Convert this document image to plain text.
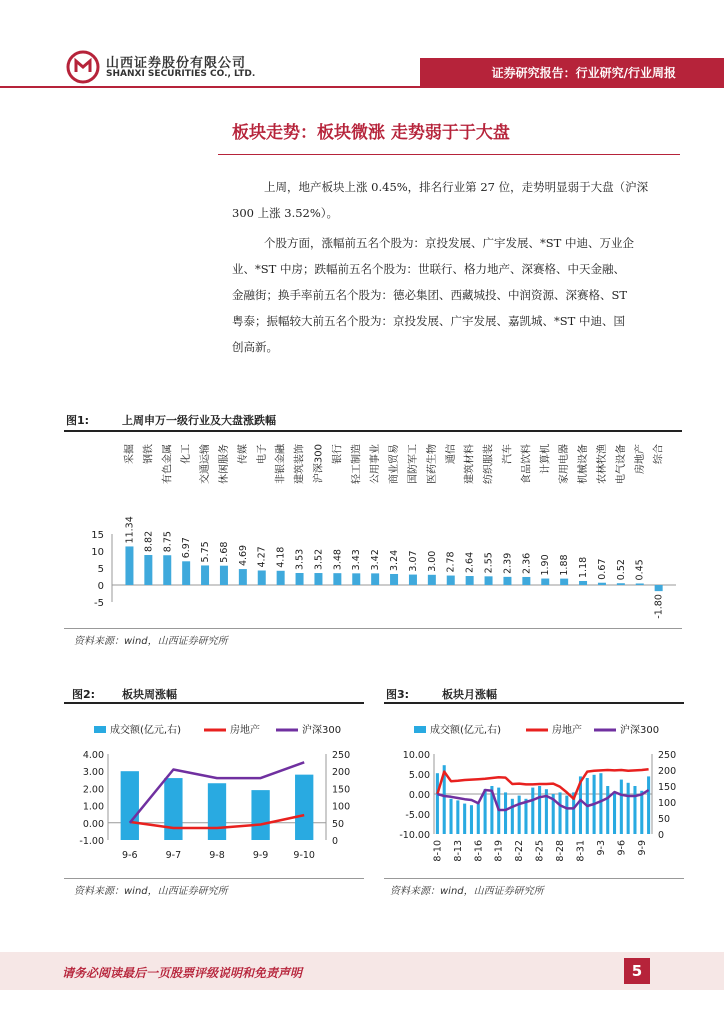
山西证券股份有限公司
SHANXI SECURITIES CO., LTD.	证券研究报告：行业研究/行业周报
板块走势：板块微涨 走势弱于于大盘
上周，地产板块上涨 0.45%，排名行业第 27 位，走势明显弱于大盘（沪深
300 上涨 3.52%）。
个股方面，涨幅前五名个股为：京投发展、广宇发展、*ST 中迪、万业企
业、*ST 中房；跌幅前五名个股为：世联行、格力地产、深赛格、中天金融、
金融街；换手率前五名个股为：德必集团、西藏城投、中润资源、深赛格、ST
粤泰；振幅较大前五名个股为：京投发展、广宇发展、嘉凯城、*ST 中迪、国
创高新。
图1:	上周申万一级行业及大盘涨跌幅
15
10
5
0
-5
11.34
采掘
8.82
钢铁
8.75
有色金属
6.97
化工
5.75
交通运输
5.68
休闲服务
4.69
传媒
4.27
电子
4.18
非银金融
3.53
建筑装饰
3.52
沪深300
3.48
银行
3.43
轻工制造
3.42
公用事业
3.24
商业贸易
3.07
国防军工
3.00
医药生物
2.78
通信
2.64
建筑材料
2.55
纺织服装
2.39
汽车
2.36
食品饮料
1.90
计算机
1.88
家用电器
1.18
机械设备
0.67
农林牧渔
0.52
电气设备
0.45
房地产
-1.80
综合
资料来源：wind，山西证券研究所
图2: 板块周涨幅
成交额(亿元,右)	房地产	沪深300
4.00
3.00
2.00
1.00
0.00
-1.00
250
200
150
100
50
0
9-6	9-7	9-8	9-9	9-10
资料来源：wind，山西证券研究所
图3:	板块月涨幅
成交额(亿元,右)	房地产	沪深300
10.00
5.00
0.00
-5.00
-10.00
250
200
150
100
50
0
8-10 8-13 8-16 8-19 8-22 8-25 8-28 8-31 9-3 9-6 9-9
资料来源：wind，山西证券研究所
请务必阅读最后一页股票评级说明和免责声明	5
